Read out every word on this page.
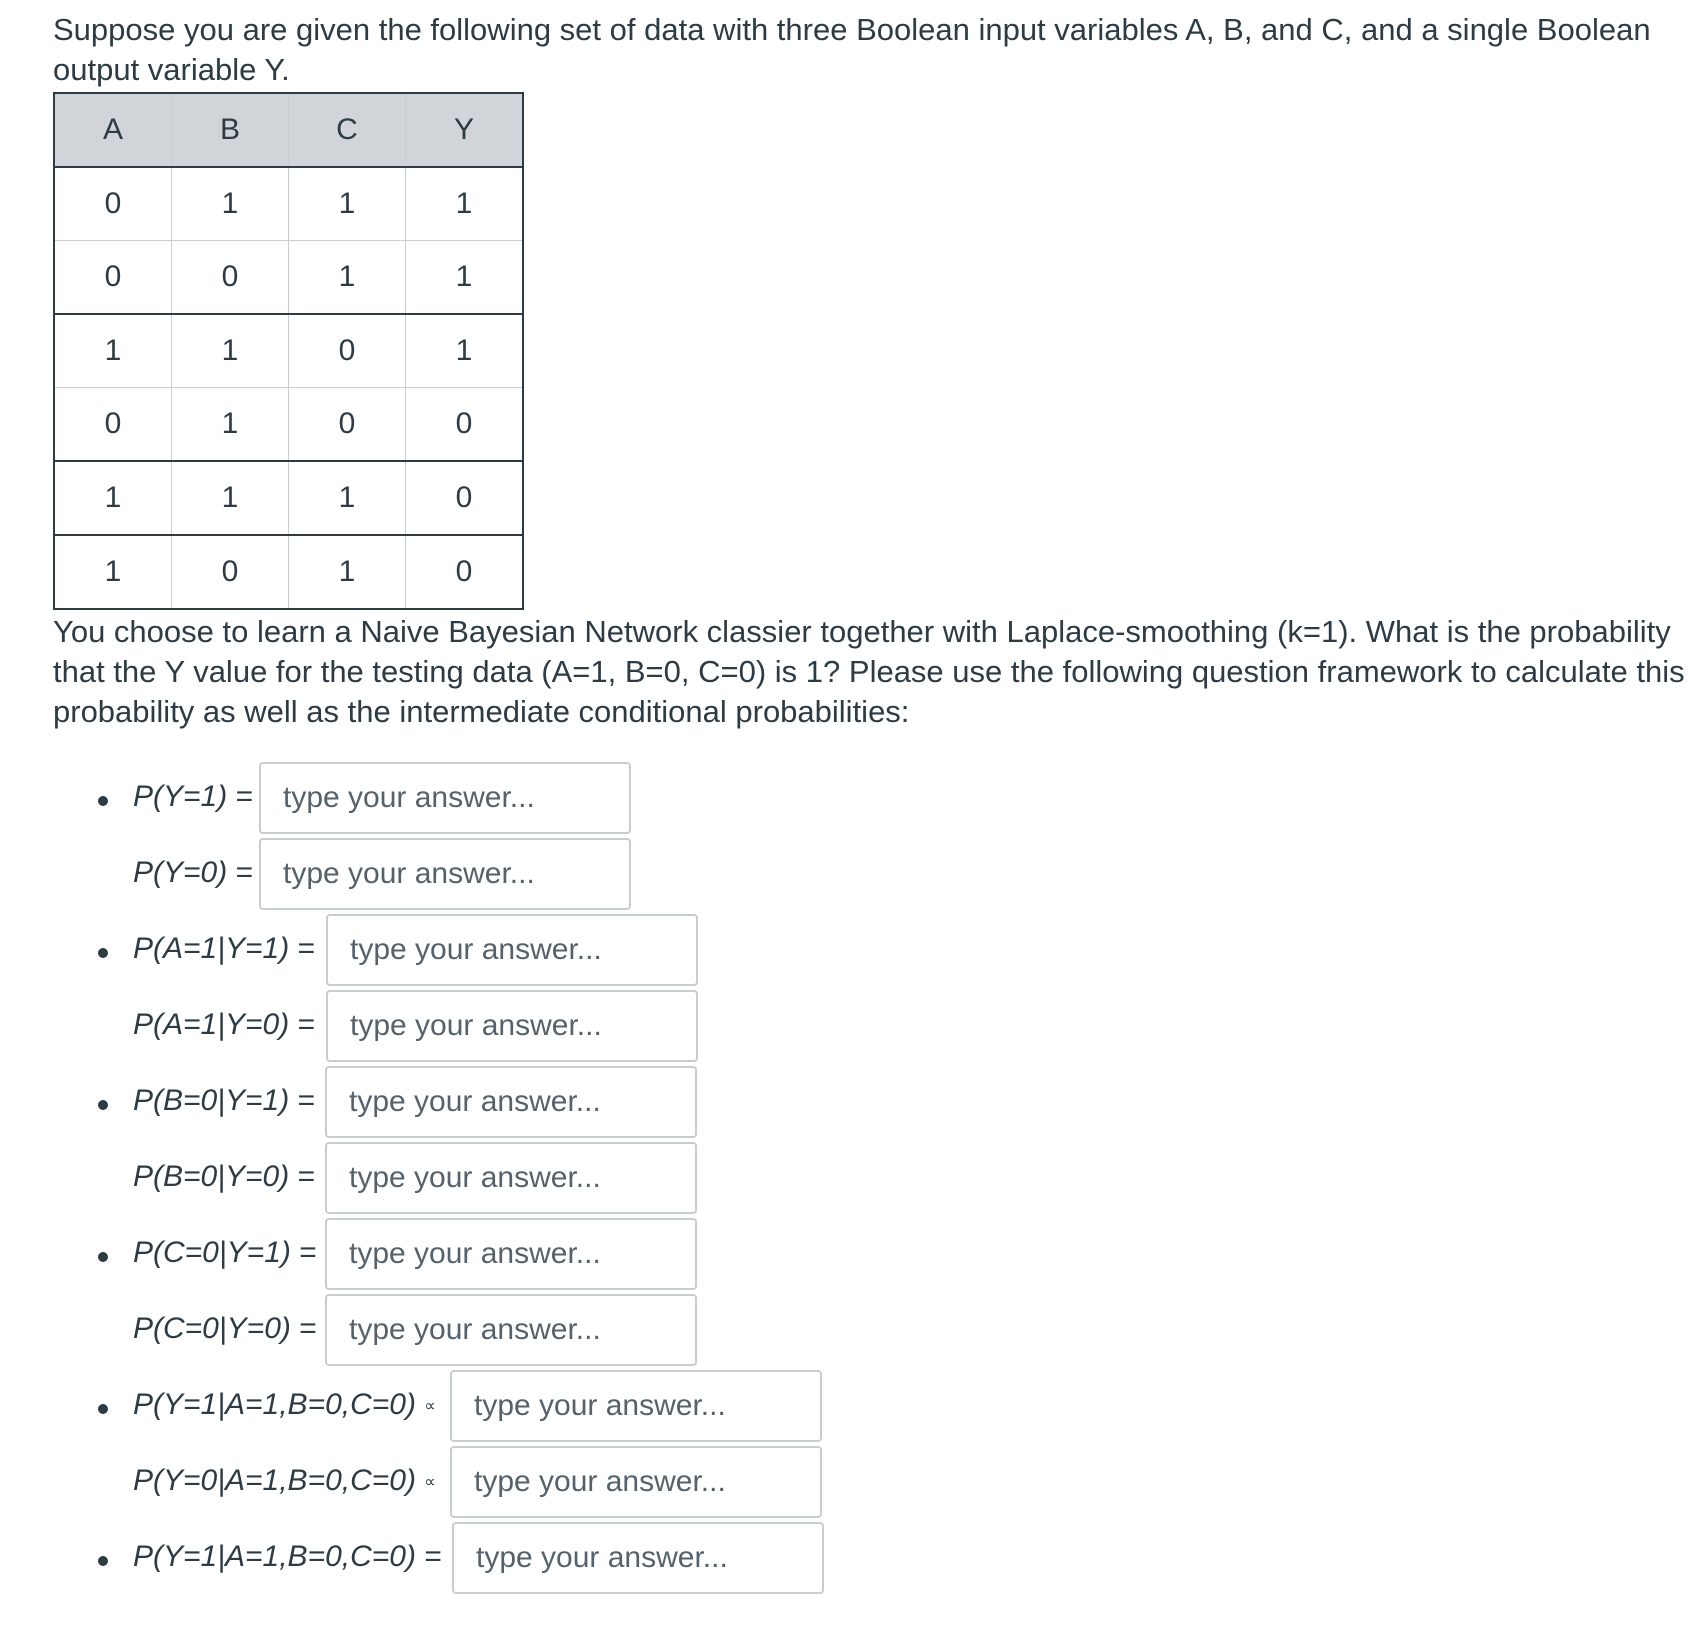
Suppose you are given the following set of data with three Boolean input variables A, B, and C, and a single Boolean output variable Y.

A	B	C	Y
0	1	1	1
0	0	1	1
1	1	0	1
0	1	0	0
1	1	1	0
1	0	1	0

You choose to learn a Naive Bayesian Network classier together with Laplace-smoothing (k=1). What is the probability that the Y value for the testing data (A=1, B=0, C=0) is 1? Please use the following question framework to calculate this probability as well as the intermediate conditional probabilities:

P(Y=1) =
type your answer...
P(Y=0) =
type your answer...
P(A=1|Y=1) =
type your answer...
P(A=1|Y=0) =
type your answer...
P(B=0|Y=1) =
type your answer...
P(B=0|Y=0) =
type your answer...
P(C=0|Y=1) =
type your answer...
P(C=0|Y=0) =
type your answer...
P(Y=1|A=1,B=0,C=0) ∝
type your answer...
P(Y=0|A=1,B=0,C=0) ∝
type your answer...
P(Y=1|A=1,B=0,C=0) =
type your answer...
